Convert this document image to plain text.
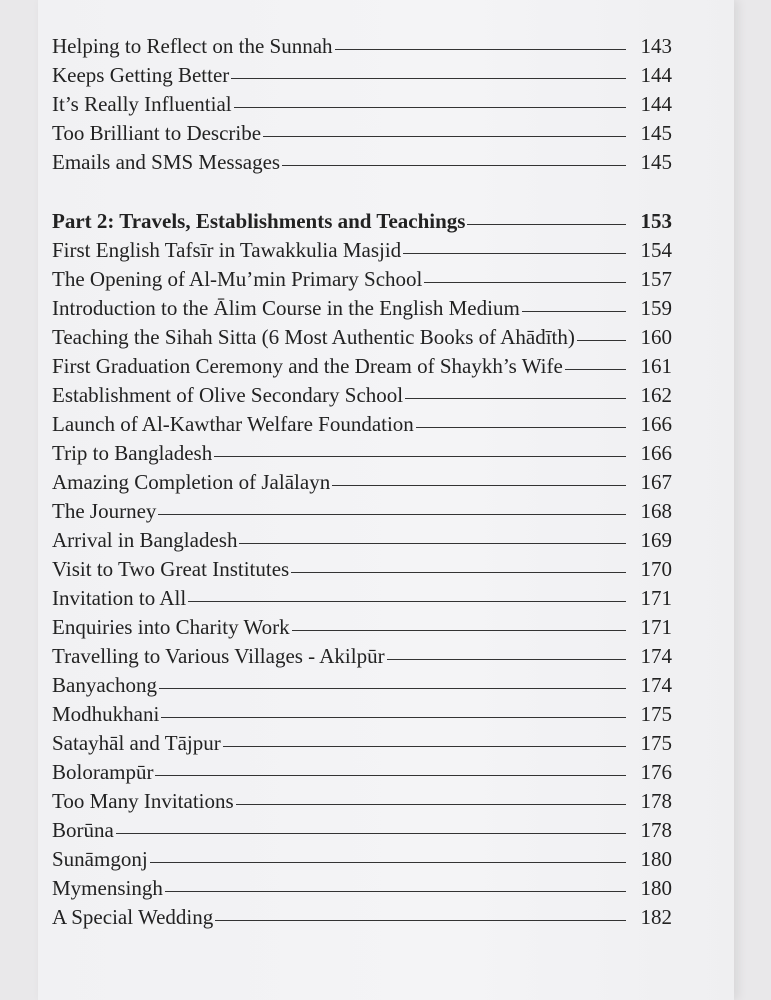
Helping to Reflect on the Sunnah	143
Keeps Getting Better	144
It’s Really Influential	144
Too Brilliant to Describe	145
Emails and SMS Messages	145
Part 2: Travels, Establishments and Teachings	153
First English Tafsīr in Tawakkulia Masjid	154
The Opening of Al-Mu’min Primary School	157
Introduction to the Ālim Course in the English Medium	159
Teaching the Sihah Sitta (6 Most Authentic Books of Ahādīth)	160
First Graduation Ceremony and the Dream of Shaykh’s Wife	161
Establishment of Olive Secondary School	162
Launch of Al-Kawthar Welfare Foundation	166
Trip to Bangladesh	166
Amazing Completion of Jalālayn	167
The Journey	168
Arrival in Bangladesh	169
Visit to Two Great Institutes	170
Invitation to All	171
Enquiries into Charity Work	171
Travelling to Various Villages - Akilpūr	174
Banyachong	174
Modhukhani	175
Satayhāl and Tājpur	175
Bolorampūr	176
Too Many Invitations	178
Borūna	178
Sunāmgonj	180
Mymensingh	180
A Special Wedding	182
